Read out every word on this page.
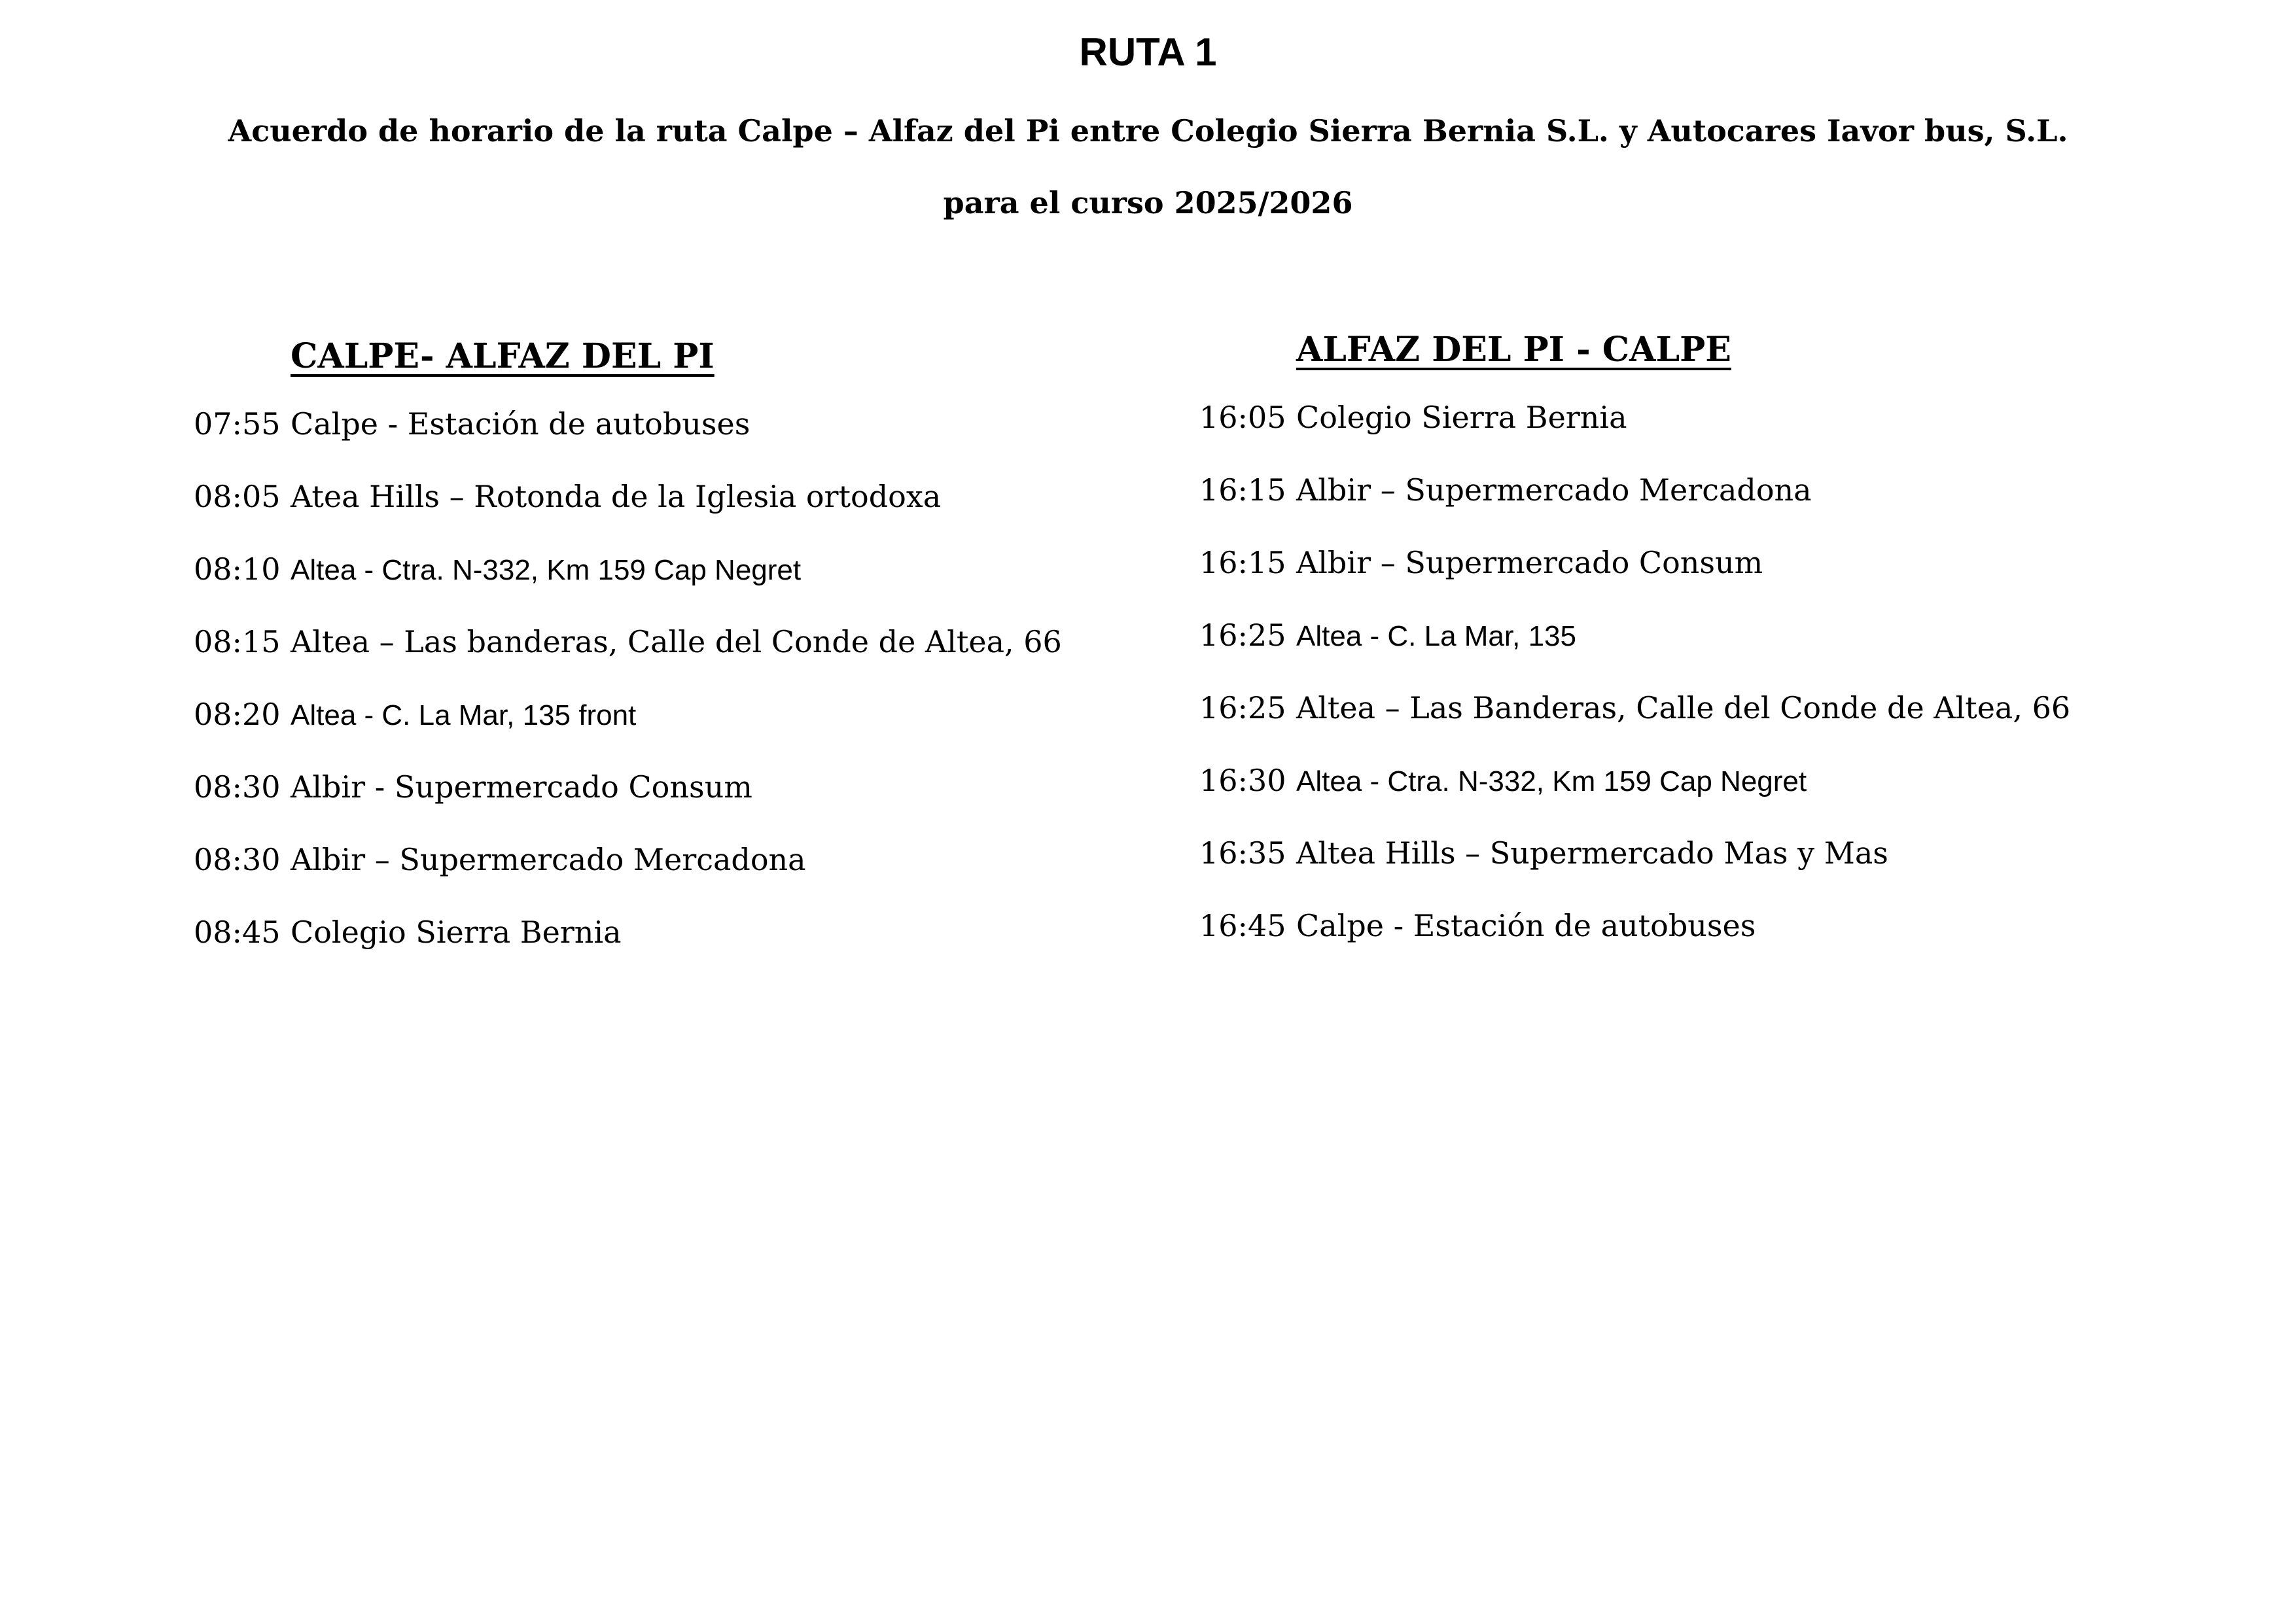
RUTA 1

Acuerdo de horario de la ruta Calpe – Alfaz del Pi entre Colegio Sierra Bernia S.L. y Autocares Iavor bus, S.L.

para el curso 2025/2026

CALPE- ALFAZ DEL PI
07:55 Calpe - Estación de autobuses
08:05 Atea Hills – Rotonda de la Iglesia ortodoxa
08:10 Altea - Ctra. N-332, Km 159 Cap Negret
08:15 Altea – Las banderas, Calle del Conde de Altea, 66
08:20 Altea - C. La Mar, 135 front
08:30 Albir - Supermercado Consum
08:30 Albir – Supermercado Mercadona
08:45 Colegio Sierra Bernia
ALFAZ DEL PI - CALPE
16:05 Colegio Sierra Bernia
16:15 Albir – Supermercado Mercadona
16:15 Albir – Supermercado Consum
16:25 Altea - C. La Mar, 135
16:25 Altea – Las Banderas, Calle del Conde de Altea, 66
16:30 Altea - Ctra. N-332, Km 159 Cap Negret
16:35 Altea Hills – Supermercado Mas y Mas
16:45 Calpe - Estación de autobuses
